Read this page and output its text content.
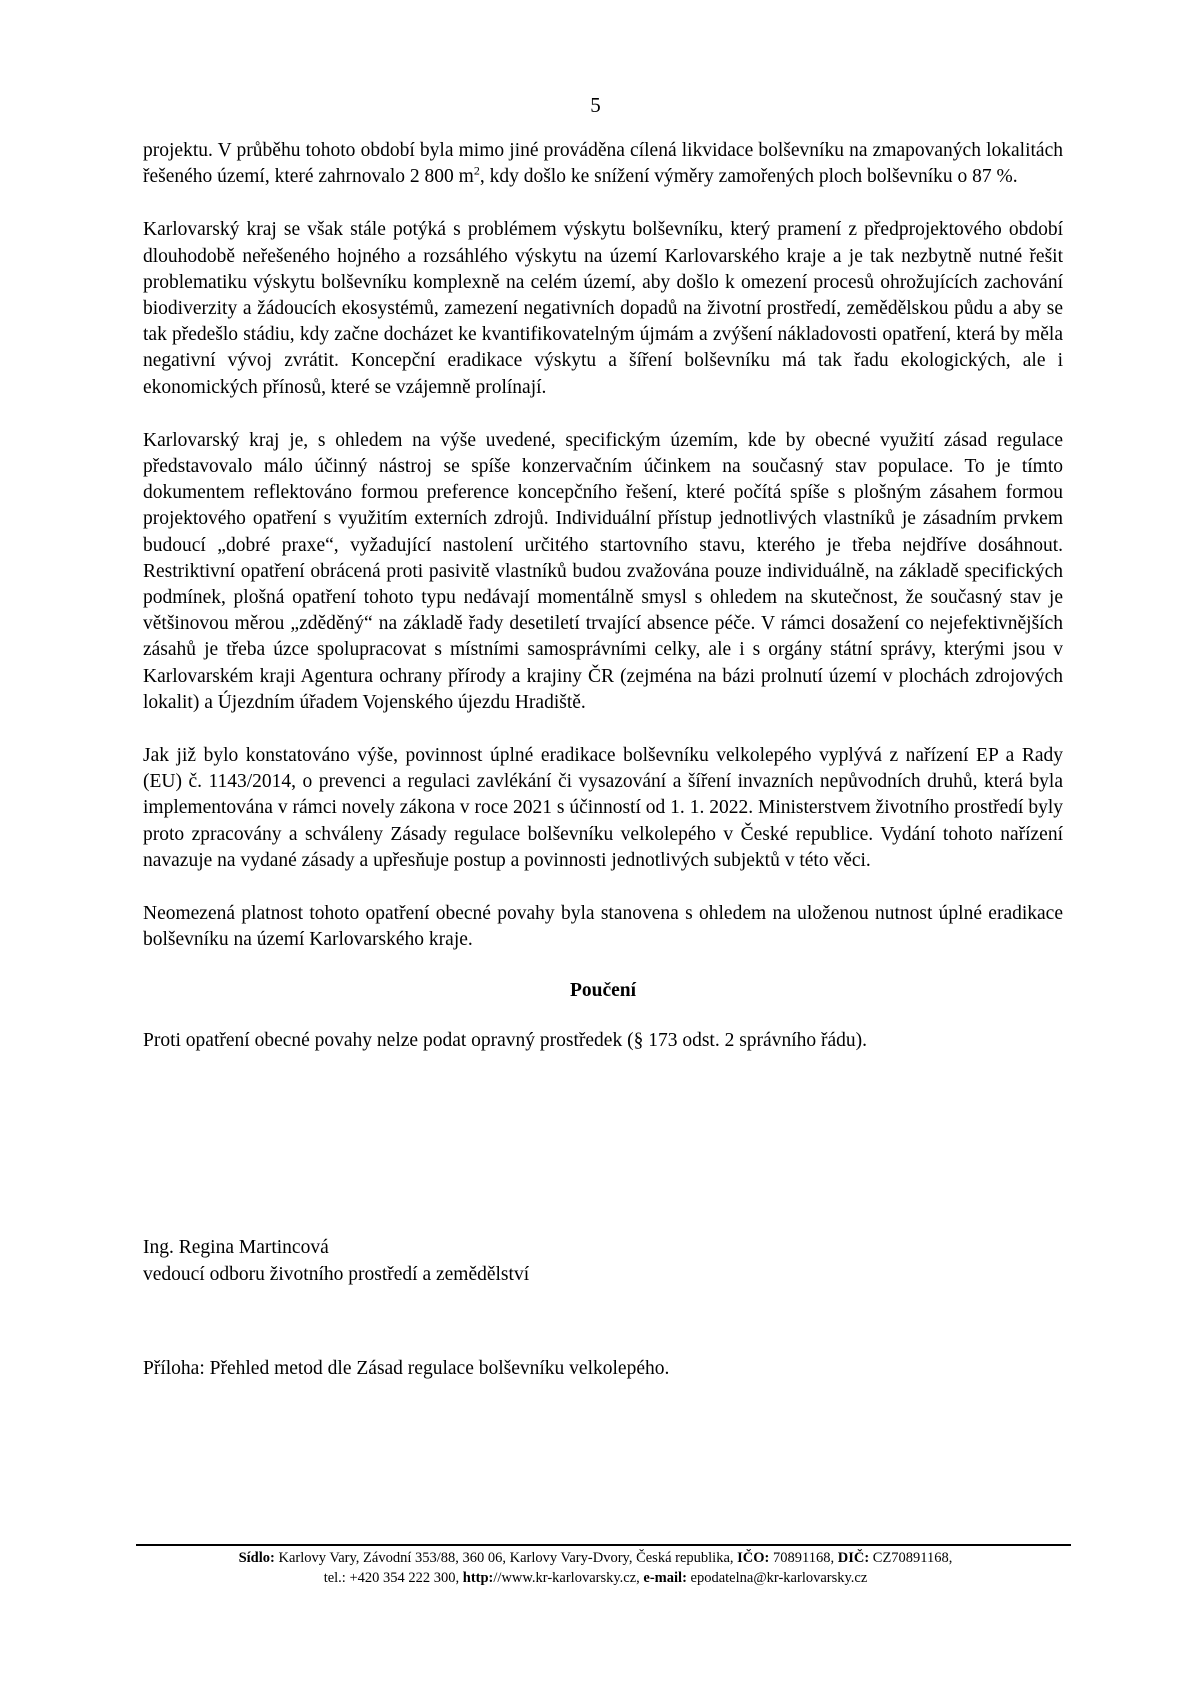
5

projektu. V průběhu tohoto období byla mimo jiné prováděna cílená likvidace bolševníku na zmapovaných lokalitách řešeného území, které zahrnovalo 2 800 $m^2$, kdy došlo ke snížení výměry zamořených ploch bolševníku o 87 %.

Karlovarský kraj se však stále potýká s problémem výskytu bolševníku, který pramení z předprojektového období dlouhodobě neřešeného hojného a rozsáhlého výskytu na území Karlovarského kraje a je tak nezbytně nutné řešit problematiku výskytu bolševníku komplexně na celém území, aby došlo k omezení procesů ohrožujících zachování biodiverzity a žádoucích ekosystémů, zamezení negativních dopadů na životní prostředí, zemědělskou půdu a aby se tak předešlo stádiu, kdy začne docházet ke kvantifikovatelným újmám a zvýšení nákladovosti opatření, která by měla negativní vývoj zvrátit. Koncepční eradikace výskytu a šíření bolševníku má tak řadu ekologických, ale i ekonomických přínosů, které se vzájemně prolínají.

Karlovarský kraj je, s ohledem na výše uvedené, specifickým územím, kde by obecné využití zásad regulace představovalo málo účinný nástroj se spíše konzervačním účinkem na současný stav populace. To je tímto dokumentem reflektováno formou preference koncepčního řešení, které počítá spíše s plošným zásahem formou projektového opatření s využitím externích zdrojů. Individuální přístup jednotlivých vlastníků je zásadním prvkem budoucí „dobré praxe“, vyžadující nastolení určitého startovního stavu, kterého je třeba nejdříve dosáhnout. Restriktivní opatření obrácená proti pasivitě vlastníků budou zvažována pouze individuálně, na základě specifických podmínek, plošná opatření tohoto typu nedávají momentálně smysl s ohledem na skutečnost, že současný stav je většinovou měrou „zděděný“ na základě řady desetiletí trvající absence péče. V rámci dosažení co nejefektivnějších zásahů je třeba úzce spolupracovat s místními samosprávními celky, ale i s orgány státní správy, kterými jsou v Karlovarském kraji Agentura ochrany přírody a krajiny ČR (zejména na bázi prolnutí území v plochách zdrojových lokalit) a Újezdním úřadem Vojenského újezdu Hradiště.

Jak již bylo konstatováno výše, povinnost úplné eradikace bolševníku velkolepého vyplývá z nařízení EP a Rady (EU) č. 1143/2014, o prevenci a regulaci zavlékání či vysazování a šíření invazních nepůvodních druhů, která byla implementována v rámci novely zákona v roce 2021 s účinností od 1. 1. 2022. Ministerstvem životního prostředí byly proto zpracovány a schváleny Zásady regulace bolševníku velkolepého v České republice. Vydání tohoto nařízení navazuje na vydané zásady a upřesňuje postup a povinnosti jednotlivých subjektů v této věci.

Neomezená platnost tohoto opatření obecné povahy byla stanovena s ohledem na uloženou nutnost úplné eradikace bolševníku na území Karlovarského kraje.

Poučení

Proti opatření obecné povahy nelze podat opravný prostředek (§ 173 odst. 2 správního řádu).

Ing. Regina Martincová
vedoucí odboru životního prostředí a zemědělství
Příloha: Přehled metod dle Zásad regulace bolševníku velkolepého.
Sídlo: Karlovy Vary, Závodní 353/88, 360 06, Karlovy Vary-Dvory, Česká republika, IČO: 70891168, DIČ: CZ70891168,
tel.: +420 354 222 300, http://www.kr-karlovarsky.cz, e-mail: epodatelna@kr-karlovarsky.cz
